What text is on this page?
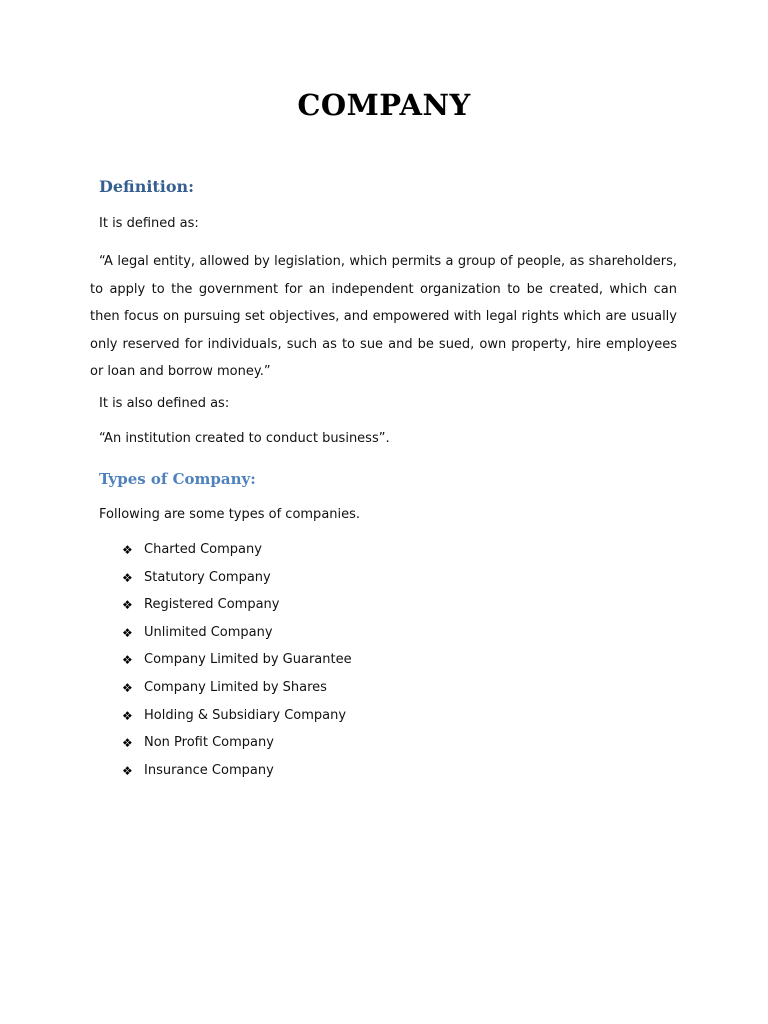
COMPANY
Definition:
It is defined as:
“A legal entity, allowed by legislation, which permits a group of people, as shareholders, to apply to the government for an independent organization to be created, which can then focus on pursuing set objectives, and empowered with legal rights which are usually only reserved for individuals, such as to sue and be sued, own property, hire employees or loan and borrow money.”
It is also defined as:
“An institution created to conduct business”.
Types of Company:
Following are some types of companies.
❖ Charted Company
❖ Statutory Company
❖ Registered Company
❖ Unlimited Company
❖ Company Limited by Guarantee
❖ Company Limited by Shares
❖ Holding & Subsidiary Company
❖ Non Profit Company
❖ Insurance Company
